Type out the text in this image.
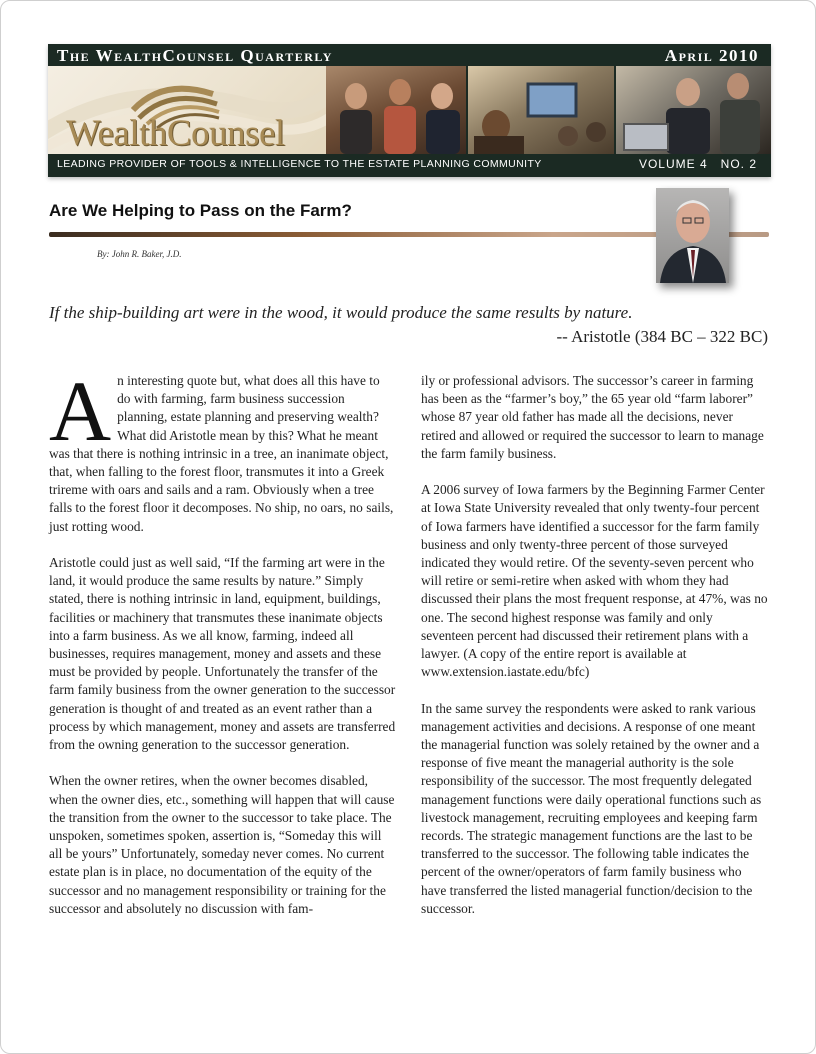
The WealthCounsel Quarterly	April 2010
WealthCounsel
LEADING PROVIDER OF TOOLS & INTELLIGENCE TO THE ESTATE PLANNING COMMUNITY	VOLUME 4   NO. 2
Are We Helping to Pass on the Farm?
By: John R. Baker, J.D.
If the ship-building art were in the wood, it would produce the same results by nature.
-- Aristotle (384 BC – 322 BC)

An interesting quote but, what does all this have to do with farming, farm business succession planning, estate planning and preserving wealth? What did Aristotle mean by this? What he meant was that there is nothing intrinsic in a tree, an inanimate object, that, when falling to the forest floor, transmutes it into a Greek trireme with oars and sails and a ram. Obviously when a tree falls to the forest floor it decomposes. No ship, no oars, no sails, just rotting wood.

Aristotle could just as well said, “If the farming art were in the land, it would produce the same results by nature.” Simply stated, there is nothing intrinsic in land, equipment, buildings, facilities or machinery that transmutes these inanimate objects into a farm business. As we all know, farming, indeed all businesses, requires management, money and assets and these must be provided by people. Unfortunately the transfer of the farm family business from the owner generation to the successor generation is thought of and treated as an event rather than a process by which management, money and assets are transferred from the owning generation to the successor generation.

When the owner retires, when the owner becomes disabled, when the owner dies, etc., something will happen that will cause the transition from the owner to the successor to take place. The unspoken, sometimes spoken, assertion is, “Someday this will all be yours” Unfortunately, someday never comes. No current estate plan is in place, no documentation of the equity of the successor and no management responsibility or training for the successor and absolutely no discussion with fam-

ily or professional advisors. The successor’s career in farming has been as the “farmer’s boy,” the 65 year old “farm laborer” whose 87 year old father has made all the decisions, never retired and allowed or required the successor to learn to manage the farm family business.

A 2006 survey of Iowa farmers by the Beginning Farmer Center at Iowa State University revealed that only twenty-four percent of Iowa farmers have identified a successor for the farm family business and only twenty-three percent of those surveyed indicated they would retire. Of the seventy-seven percent who will retire or semi-retire when asked with whom they had discussed their plans the most frequent response, at 47%, was no one. The second highest response was family and only seventeen percent had discussed their retirement plans with a lawyer. (A copy of the entire report is available at www.extension.iastate.edu/bfc)

In the same survey the respondents were asked to rank various management activities and decisions. A response of one meant the managerial function was solely retained by the owner and a response of five meant the managerial authority is the sole responsibility of the successor. The most frequently delegated management functions were daily operational functions such as livestock management, recruiting employees and keeping farm records. The strategic management functions are the last to be transferred to the successor. The following table indicates the percent of the owner/operators of farm family business who have transferred the listed managerial function/decision to the successor.
